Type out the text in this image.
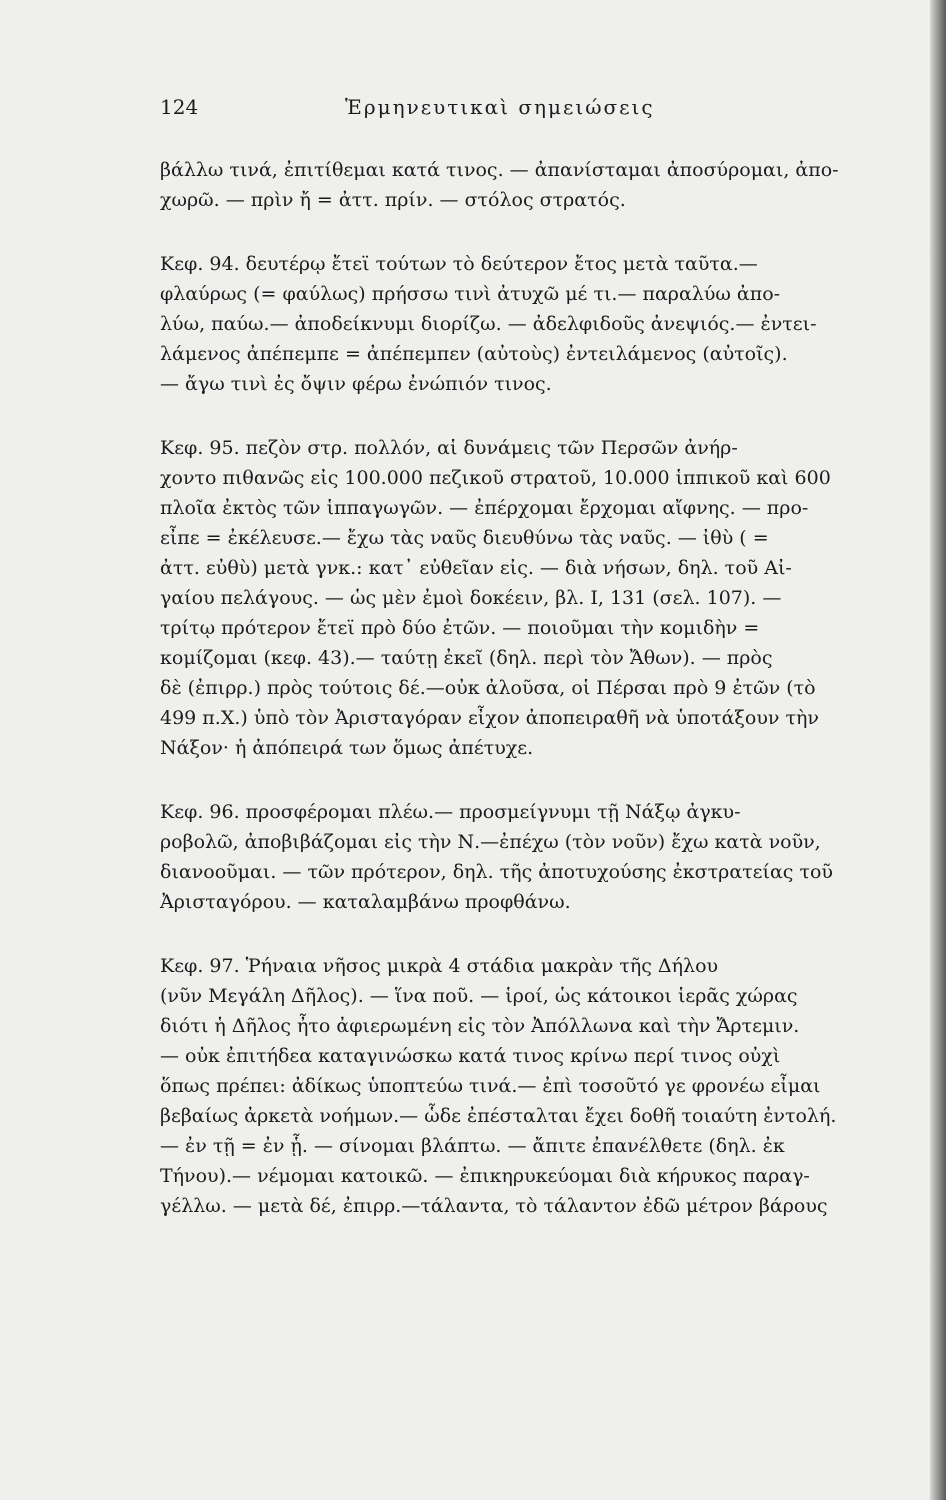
124	Ἑρμηνευτικαὶ σημειώσεις
βάλλω τινά, ἐπιτίθεμαι κατά τινος. — ἀπανίσταμαι ἀποσύρομαι, ἀπο-
χωρῶ. — πρὶν ἤ = ἀττ. πρίν. — στόλος στρατός.
Κεφ. 94. δευτέρῳ ἔτεϊ τούτων τὸ δεύτερον ἔτος μετὰ ταῦτα.—
φλαύρως (= φαύλως) πρήσσω τινὶ ἀτυχῶ μέ τι.— παραλύω ἀπο-
λύω, παύω.— ἀποδείκνυμι διορίζω. — ἀδελφιδοῦς ἀνεψιός.— ἐντει-
λάμενος ἀπέπεμπε = ἀπέπεμπεν (αὐτοὺς) ἐντειλάμενος (αὐτοῖς).
— ἄγω τινὶ ἐς ὄψιν φέρω ἐνώπιόν τινος.
Κεφ. 95. πεζὸν στρ. πολλόν, αἱ δυνάμεις τῶν Περσῶν ἀνήρ-
χοντο πιθανῶς εἰς 100.000 πεζικοῦ στρατοῦ, 10.000 ἱππικοῦ καὶ 600
πλοῖα ἐκτὸς τῶν ἱππαγωγῶν. — ἐπέρχομαι ἔρχομαι αἴφνης. — προ-
εἶπε = ἐκέλευσε.— ἔχω τὰς ναῦς διευθύνω τὰς ναῦς. — ἰθὺ ( =
ἀττ. εὐθὺ) μετὰ γνκ.: κατ᾿ εὐθεῖαν εἰς. — διὰ νήσων, δηλ. τοῦ Αἰ-
γαίου πελάγους. — ὡς μὲν ἐμοὶ δοκέειν, βλ. I, 131 (σελ. 107). —
τρίτῳ πρότερον ἔτεϊ πρὸ δύο ἐτῶν. — ποιοῦμαι τὴν κομιδὴν =
κομίζομαι (κεφ. 43).— ταύτῃ ἐκεῖ (δηλ. περὶ τὸν Ἄθων). — πρὸς
δὲ (ἐπιρρ.) πρὸς τούτοις δέ.—οὐκ ἀλοῦσα, οἱ Πέρσαι πρὸ 9 ἐτῶν (τὸ
499 π.Χ.) ὑπὸ τὸν Ἀρισταγόραν εἶχον ἀποπειραθῆ νὰ ὑποτάξουν τὴν
Νάξον· ἡ ἀπόπειρά των ὅμως ἀπέτυχε.
Κεφ. 96. προσφέρομαι πλέω.— προσμείγνυμι τῇ Νάξῳ ἀγκυ-
ροβολῶ, ἀποβιβάζομαι εἰς τὴν Ν.—ἐπέχω (τὸν νοῦν) ἔχω κατὰ νοῦν,
διανοοῦμαι. — τῶν πρότερον, δηλ. τῆς ἀποτυχούσης ἐκστρατείας τοῦ
Ἀρισταγόρου. — καταλαμβάνω προφθάνω.
Κεφ. 97. Ῥήναια νῆσος μικρὰ 4 στάδια μακρὰν τῆς Δήλου
(νῦν Μεγάλη Δῆλος). — ἵνα ποῦ. — ἱροί, ὡς κάτοικοι ἱερᾶς χώρας
διότι ἡ Δῆλος ἦτο ἀφιερωμένη εἰς τὸν Ἀπόλλωνα καὶ τὴν Ἄρτεμιν.
— οὐκ ἐπιτήδεα καταγινώσκω κατά τινος κρίνω περί τινος οὐχὶ
ὅπως πρέπει: ἀδίκως ὑποπτεύω τινά.— ἐπὶ τοσοῦτό γε φρονέω εἶμαι
βεβαίως ἀρκετὰ νοήμων.— ὧδε ἐπέσταλται ἔχει δοθῆ τοιαύτη ἐντολή.
— ἐν τῇ = ἐν ᾗ. — σίνομαι βλάπτω. — ἄπιτε ἐπανέλθετε (δηλ. ἐκ
Τήνου).— νέμομαι κατοικῶ. — ἐπικηρυκεύομαι διὰ κήρυκος παραγ-
γέλλω. — μετὰ δέ, ἐπιρρ.—τάλαντα, τὸ τάλαντον ἐδῶ μέτρον βάρους
